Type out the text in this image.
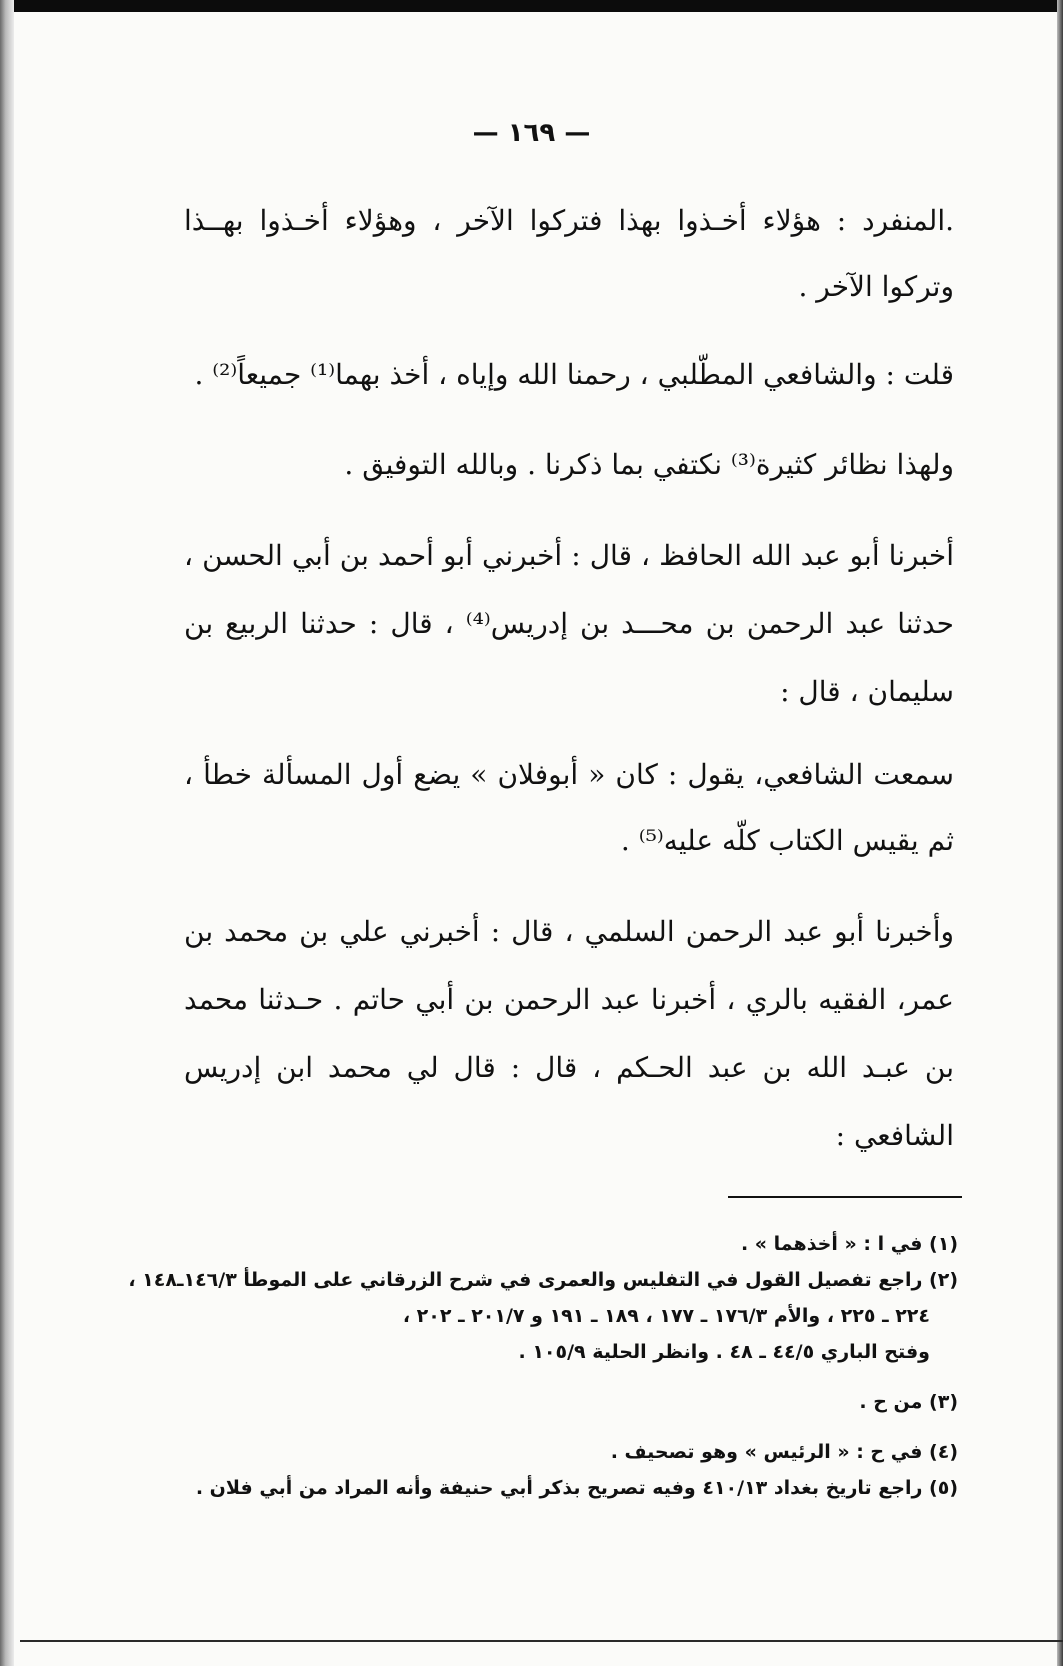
— ١٦٩ —

.المنفرد : هؤلاء أخـذوا بهذا فتركوا الآخر ، وهؤلاء أخـذوا بهــذا وتركوا الآخر .

قلت : والشافعي المطّلبي ، رحمنا الله وإياه ، أخذ بهما⁽¹⁾ جميعاً⁽²⁾ .

ولهذا نظائر كثيرة⁽³⁾ نكتفي بما ذكرنا . وبالله التوفيق .

أخبرنا أبو عبد الله الحافظ ، قال : أخبرني أبو أحمد بن أبي الحسن ، حدثنا عبد الرحمن بن محـــد بن إدريس⁽⁴⁾ ، قال : حدثنا الربيع بن سليمان ، قال :

سمعت الشافعي، يقول : كان « أبوفلان » يضع أول المسألة خطأ ، ثم يقيس الكتاب كلّه عليه⁽⁵⁾ .

وأخبرنا أبو عبد الرحمن السلمي ، قال : أخبرني علي بن محمد بن عمر، الفقيه بالري ، أخبرنا عبد الرحمن بن أبي حاتم . حـدثنا محمد بن عبـد الله بن عبد الحـكم ، قال : قال لي محمد ابن إدريس الشافعي :

(١) في ا : « أخذهما » .

(٢) راجع تفصيل القول في التفليس والعمرى في شرح الزرقاني على الموطأ ١٤٦/٣ـ١٤٨ ،

٢٢٤ ـ ٢٢٥ ، والأم ١٧٦/٣ ـ ١٧٧ ، ١٨٩ ـ ١٩١ و ٢٠١/٧ ـ ٢٠٢ ،

وفتح الباري ٤٤/٥ ـ ٤٨ . وانظر الحلية ١٠٥/٩ .

(٣) من ح .

(٤) في ح : « الرئيس » وهو تصحيف .

(٥) راجع تاريخ بغداد ٤١٠/١٣ وفيه تصريح بذكر أبي حنيفة وأنه المراد من أبي فلان .
